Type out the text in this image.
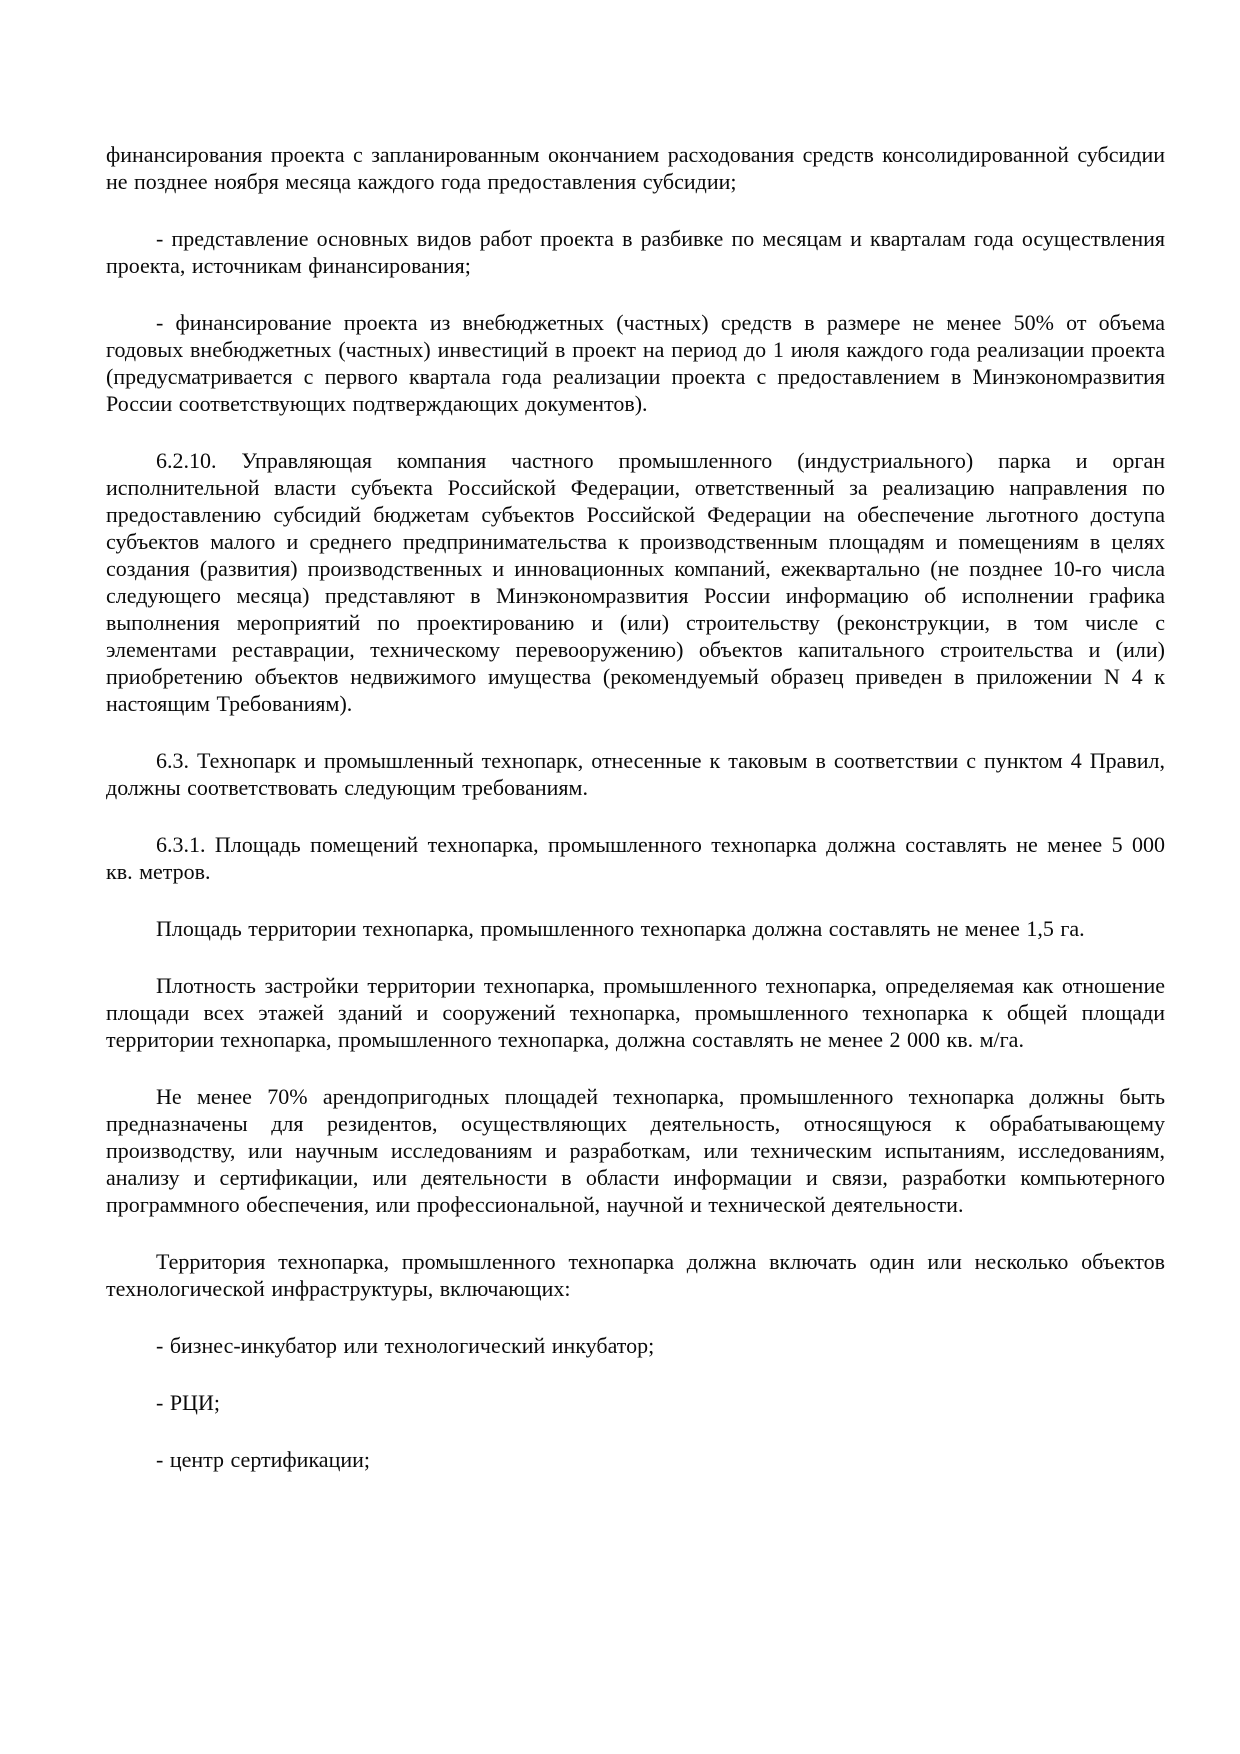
финансирования проекта с запланированным окончанием расходования средств консолидированной субсидии не позднее ноября месяца каждого года предоставления субсидии;

- представление основных видов работ проекта в разбивке по месяцам и кварталам года осуществления проекта, источникам финансирования;

- финансирование проекта из внебюджетных (частных) средств в размере не менее 50% от объема годовых внебюджетных (частных) инвестиций в проект на период до 1 июля каждого года реализации проекта (предусматривается с первого квартала года реализации проекта с предоставлением в Минэкономразвития России соответствующих подтверждающих документов).

6.2.10. Управляющая компания частного промышленного (индустриального) парка и орган исполнительной власти субъекта Российской Федерации, ответственный за реализацию направления по предоставлению субсидий бюджетам субъектов Российской Федерации на обеспечение льготного доступа субъектов малого и среднего предпринимательства к производственным площадям и помещениям в целях создания (развития) производственных и инновационных компаний, ежеквартально (не позднее 10-го числа следующего месяца) представляют в Минэкономразвития России информацию об исполнении графика выполнения мероприятий по проектированию и (или) строительству (реконструкции, в том числе с элементами реставрации, техническому перевооружению) объектов капитального строительства и (или) приобретению объектов недвижимого имущества (рекомендуемый образец приведен в приложении N 4 к настоящим Требованиям).

6.3. Технопарк и промышленный технопарк, отнесенные к таковым в соответствии с пунктом 4 Правил, должны соответствовать следующим требованиям.

6.3.1. Площадь помещений технопарка, промышленного технопарка должна составлять не менее 5 000 кв. метров.

Площадь территории технопарка, промышленного технопарка должна составлять не менее 1,5 га.

Плотность застройки территории технопарка, промышленного технопарка, определяемая как отношение площади всех этажей зданий и сооружений технопарка, промышленного технопарка к общей площади территории технопарка, промышленного технопарка, должна составлять не менее 2 000 кв. м/га.

Не менее 70% арендопригодных площадей технопарка, промышленного технопарка должны быть предназначены для резидентов, осуществляющих деятельность, относящуюся к обрабатывающему производству, или научным исследованиям и разработкам, или техническим испытаниям, исследованиям, анализу и сертификации, или деятельности в области информации и связи, разработки компьютерного программного обеспечения, или профессиональной, научной и технической деятельности.

Территория технопарка, промышленного технопарка должна включать один или несколько объектов технологической инфраструктуры, включающих:

- бизнес-инкубатор или технологический инкубатор;

- РЦИ;

- центр сертификации;
